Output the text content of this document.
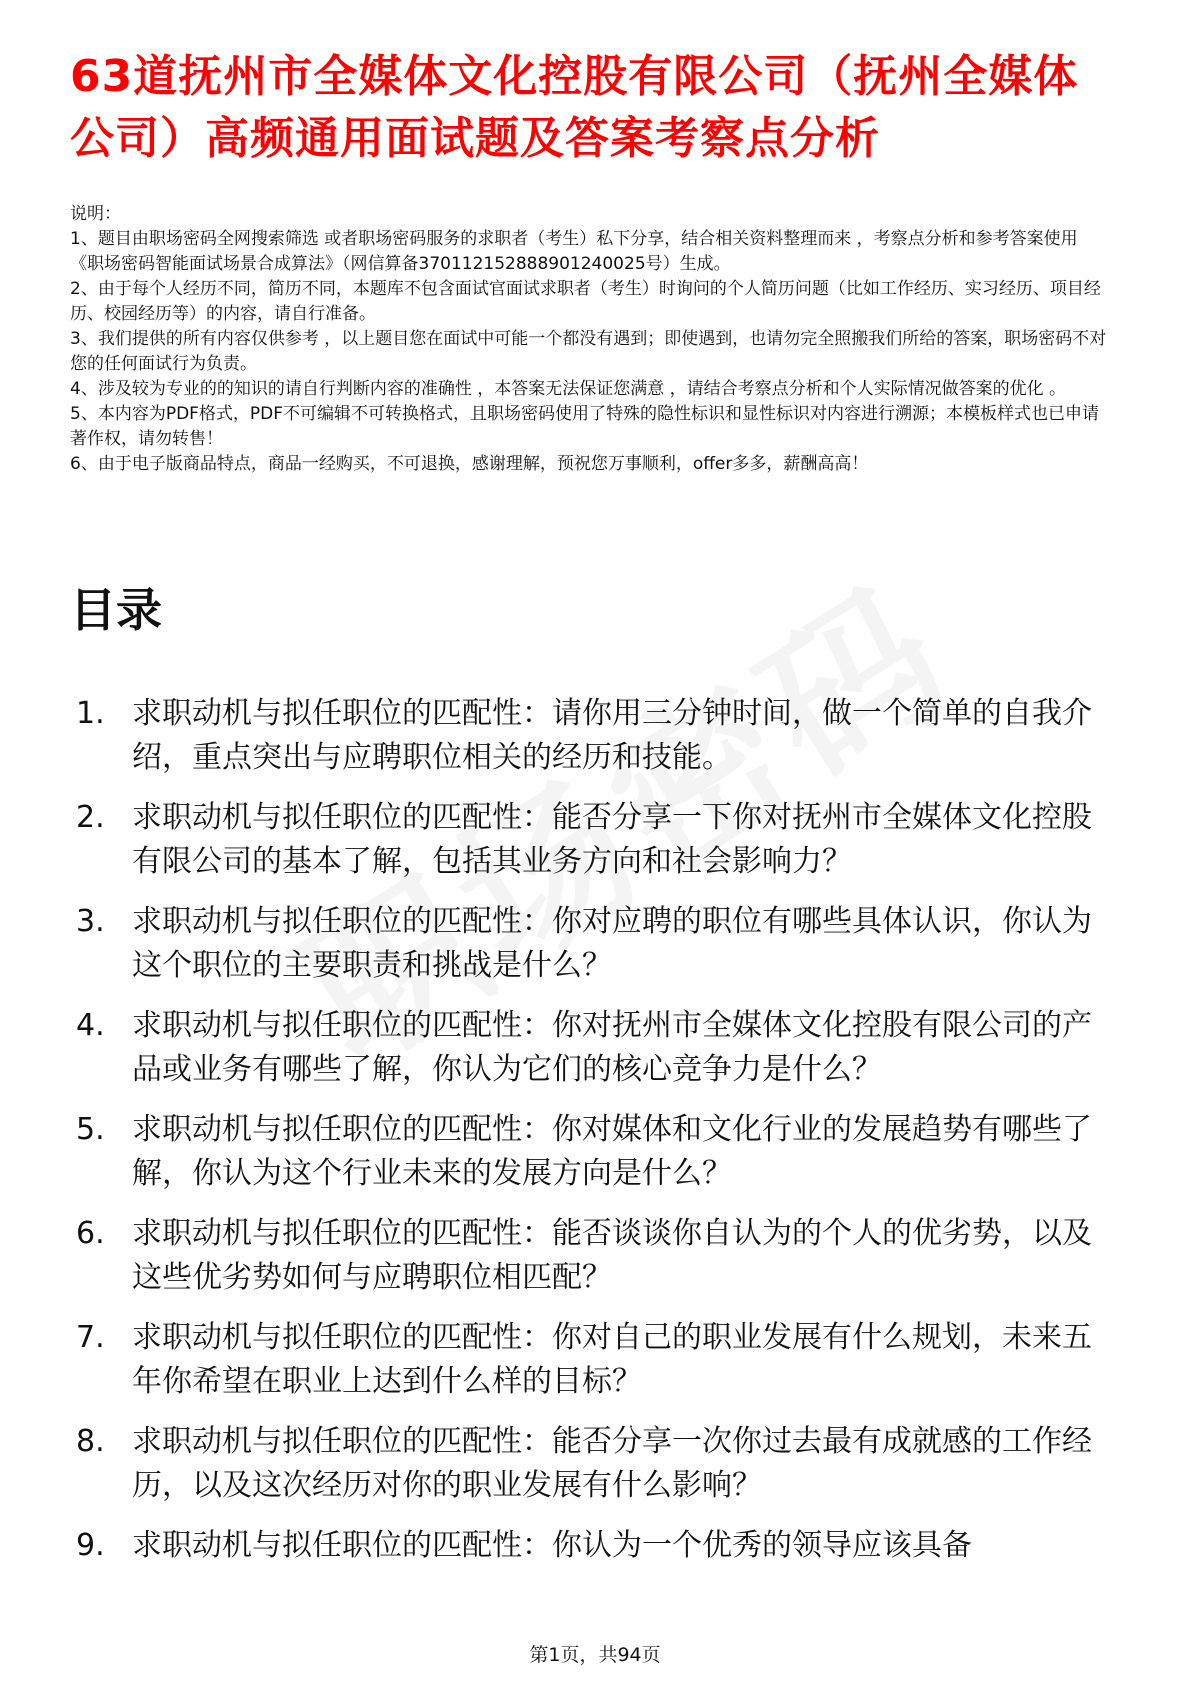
63道抚州市全媒体文化控股有限公司（抚州全媒体公司）高频通用面试题及答案考察点分析

说明：

1、题目由职场密码全网搜索筛选 或者职场密码服务的求职者（考生）私下分享，结合相关资料整理而来 ，考察点分析和参考答案使用《职场密码智能面试场景合成算法》（网信算备370112152888901240025号）生成。

2、由于每个人经历不同，简历不同，本题库不包含面试官面试求职者（考生）时询问的个人简历问题（比如工作经历、实习经历、项目经历、校园经历等）的内容，请自行准备。

3、我们提供的所有内容仅供参考 ，以上题目您在面试中可能一个都没有遇到；即使遇到，也请勿完全照搬我们所给的答案，职场密码不对您的任何面试行为负责。

4、涉及较为专业的的知识的请自行判断内容的准确性 ，本答案无法保证您满意 ，请结合考察点分析和个人实际情况做答案的优化 。

5、本内容为PDF格式，PDF不可编辑不可转换格式，且职场密码使用了特殊的隐性标识和显性标识对内容进行溯源；本模板样式也已申请著作权，请勿转售！

6、由于电子版商品特点，商品一经购买，不可退换，感谢理解，预祝您万事顺利，offer多多，薪酬高高！

目录
1. 求职动机与拟任职位的匹配性：请你用三分钟时间，做一个简单的自我介绍，重点突出与应聘职位相关的经历和技能。
2. 求职动机与拟任职位的匹配性：能否分享一下你对抚州市全媒体文化控股有限公司的基本了解，包括其业务方向和社会影响力？
3. 求职动机与拟任职位的匹配性：你对应聘的职位有哪些具体认识，你认为这个职位的主要职责和挑战是什么？
4. 求职动机与拟任职位的匹配性：你对抚州市全媒体文化控股有限公司的产品或业务有哪些了解，你认为它们的核心竞争力是什么？
5. 求职动机与拟任职位的匹配性：你对媒体和文化行业的发展趋势有哪些了解，你认为这个行业未来的发展方向是什么？
6. 求职动机与拟任职位的匹配性：能否谈谈你自认为的个人的优劣势，以及这些优劣势如何与应聘职位相匹配？
7. 求职动机与拟任职位的匹配性：你对自己的职业发展有什么规划，未来五年你希望在职业上达到什么样的目标？
8. 求职动机与拟任职位的匹配性：能否分享一次你过去最有成就感的工作经历，以及这次经历对你的职业发展有什么影响？
9. 求职动机与拟任职位的匹配性：你认为一个优秀的领导应该具备
第1页，共94页
